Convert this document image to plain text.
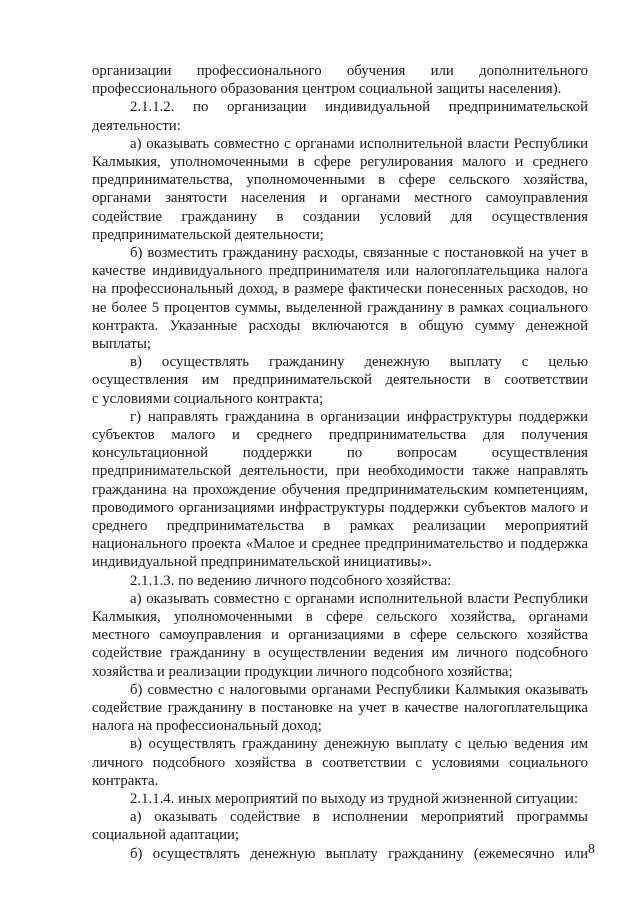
организации профессионального обучения или дополнительного
профессионального образования центром социальной защиты населения).
2.1.1.2. по организации индивидуальной предпринимательской
деятельности:
а) оказывать совместно с органами исполнительной власти Республики
Калмыкия, уполномоченными в сфере регулирования малого и среднего
предпринимательства, уполномоченными в сфере сельского хозяйства,
органами занятости населения и органами местного самоуправления
содействие гражданину в создании условий для осуществления
предпринимательской деятельности;
б) возместить гражданину расходы, связанные с постановкой на учет в
качестве индивидуального предпринимателя или налогоплательщика налога
на профессиональный доход, в размере фактически понесенных расходов, но
не более 5 процентов суммы, выделенной гражданину в рамках социального
контракта. Указанные расходы включаются в общую сумму денежной
выплаты;
в) осуществлять гражданину денежную выплату с целью
осуществления им предпринимательской деятельности в соответствии
с условиями социального контракта;
г) направлять гражданина в организации инфраструктуры поддержки
субъектов малого и среднего предпринимательства для получения
консультационной поддержки по вопросам осуществления
предпринимательской деятельности, при необходимости также направлять
гражданина на прохождение обучения предпринимательским компетенциям,
проводимого организациями инфраструктуры поддержки субъектов малого и
среднего предпринимательства в рамках реализации мероприятий
национального проекта «Малое и среднее предпринимательство и поддержка
индивидуальной предпринимательской инициативы».
2.1.1.3. по ведению личного подсобного хозяйства:
а) оказывать совместно с органами исполнительной власти Республики
Калмыкия, уполномоченными в сфере сельского хозяйства, органами
местного самоуправления и организациями в сфере сельского хозяйства
содействие гражданину в осуществлении ведения им личного подсобного
хозяйства и реализации продукции личного подсобного хозяйства;
б) совместно с налоговыми органами Республики Калмыкия оказывать
содействие гражданину в постановке на учет в качестве налогоплательщика
налога на профессиональный доход;
в) осуществлять гражданину денежную выплату с целью ведения им
личного подсобного хозяйства в соответствии с условиями социального
контракта.
2.1.1.4. иных мероприятий по выходу из трудной жизненной ситуации:
а) оказывать содействие в исполнении мероприятий программы
социальной адаптации;
б) осуществлять денежную выплату гражданину (ежемесячно или 8
